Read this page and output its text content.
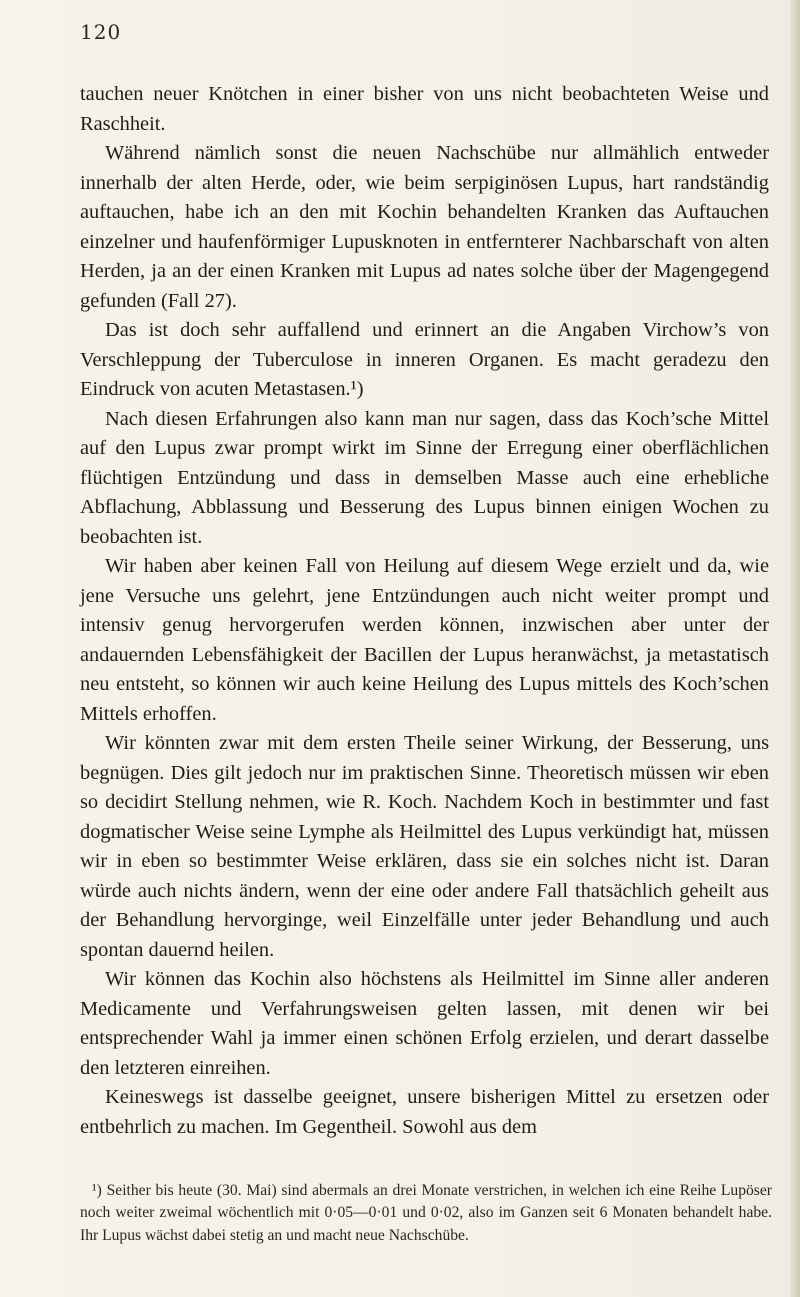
120

tauchen neuer Knötchen in einer bisher von uns nicht beobachteten Weise und Raschheit.

Während nämlich sonst die neuen Nachschübe nur allmählich entweder innerhalb der alten Herde, oder, wie beim serpiginösen Lupus, hart randständig auftauchen, habe ich an den mit Kochin behandelten Kranken das Auftauchen einzelner und haufenförmiger Lupusknoten in entfernterer Nachbarschaft von alten Herden, ja an der einen Kranken mit Lupus ad nates solche über der Magengegend gefunden (Fall 27).

Das ist doch sehr auffallend und erinnert an die Angaben Virchow’s von Verschleppung der Tuberculose in inneren Organen. Es macht geradezu den Eindruck von acuten Metastasen.¹)

Nach diesen Erfahrungen also kann man nur sagen, dass das Koch’sche Mittel auf den Lupus zwar prompt wirkt im Sinne der Erregung einer oberflächlichen flüchtigen Entzündung und dass in demselben Masse auch eine erhebliche Abflachung, Abblassung und Besserung des Lupus binnen einigen Wochen zu beobachten ist.

Wir haben aber keinen Fall von Heilung auf diesem Wege erzielt und da, wie jene Versuche uns gelehrt, jene Entzündungen auch nicht weiter prompt und intensiv genug hervorgerufen werden können, inzwischen aber unter der andauernden Lebensfähigkeit der Bacillen der Lupus heranwächst, ja metastatisch neu entsteht, so können wir auch keine Heilung des Lupus mittels des Koch’schen Mittels erhoffen.

Wir könnten zwar mit dem ersten Theile seiner Wirkung, der Besserung, uns begnügen. Dies gilt jedoch nur im praktischen Sinne. Theoretisch müssen wir eben so decidirt Stellung nehmen, wie R. Koch. Nachdem Koch in bestimmter und fast dogmatischer Weise seine Lymphe als Heilmittel des Lupus verkündigt hat, müssen wir in eben so bestimmter Weise erklären, dass sie ein solches nicht ist. Daran würde auch nichts ändern, wenn der eine oder andere Fall thatsächlich geheilt aus der Behandlung hervorginge, weil Einzelfälle unter jeder Behandlung und auch spontan dauernd heilen.

Wir können das Kochin also höchstens als Heilmittel im Sinne aller anderen Medicamente und Verfahrungsweisen gelten lassen, mit denen wir bei entsprechender Wahl ja immer einen schönen Erfolg erzielen, und derart dasselbe den letzteren einreihen.

Keineswegs ist dasselbe geeignet, unsere bisherigen Mittel zu ersetzen oder entbehrlich zu machen. Im Gegentheil. Sowohl aus dem

¹) Seither bis heute (30. Mai) sind abermals an drei Monate verstrichen, in welchen ich eine Reihe Lupöser noch weiter zweimal wöchentlich mit 0·05—0·01 und 0·02, also im Ganzen seit 6 Monaten behandelt habe. Ihr Lupus wächst dabei stetig an und macht neue Nachschübe.
